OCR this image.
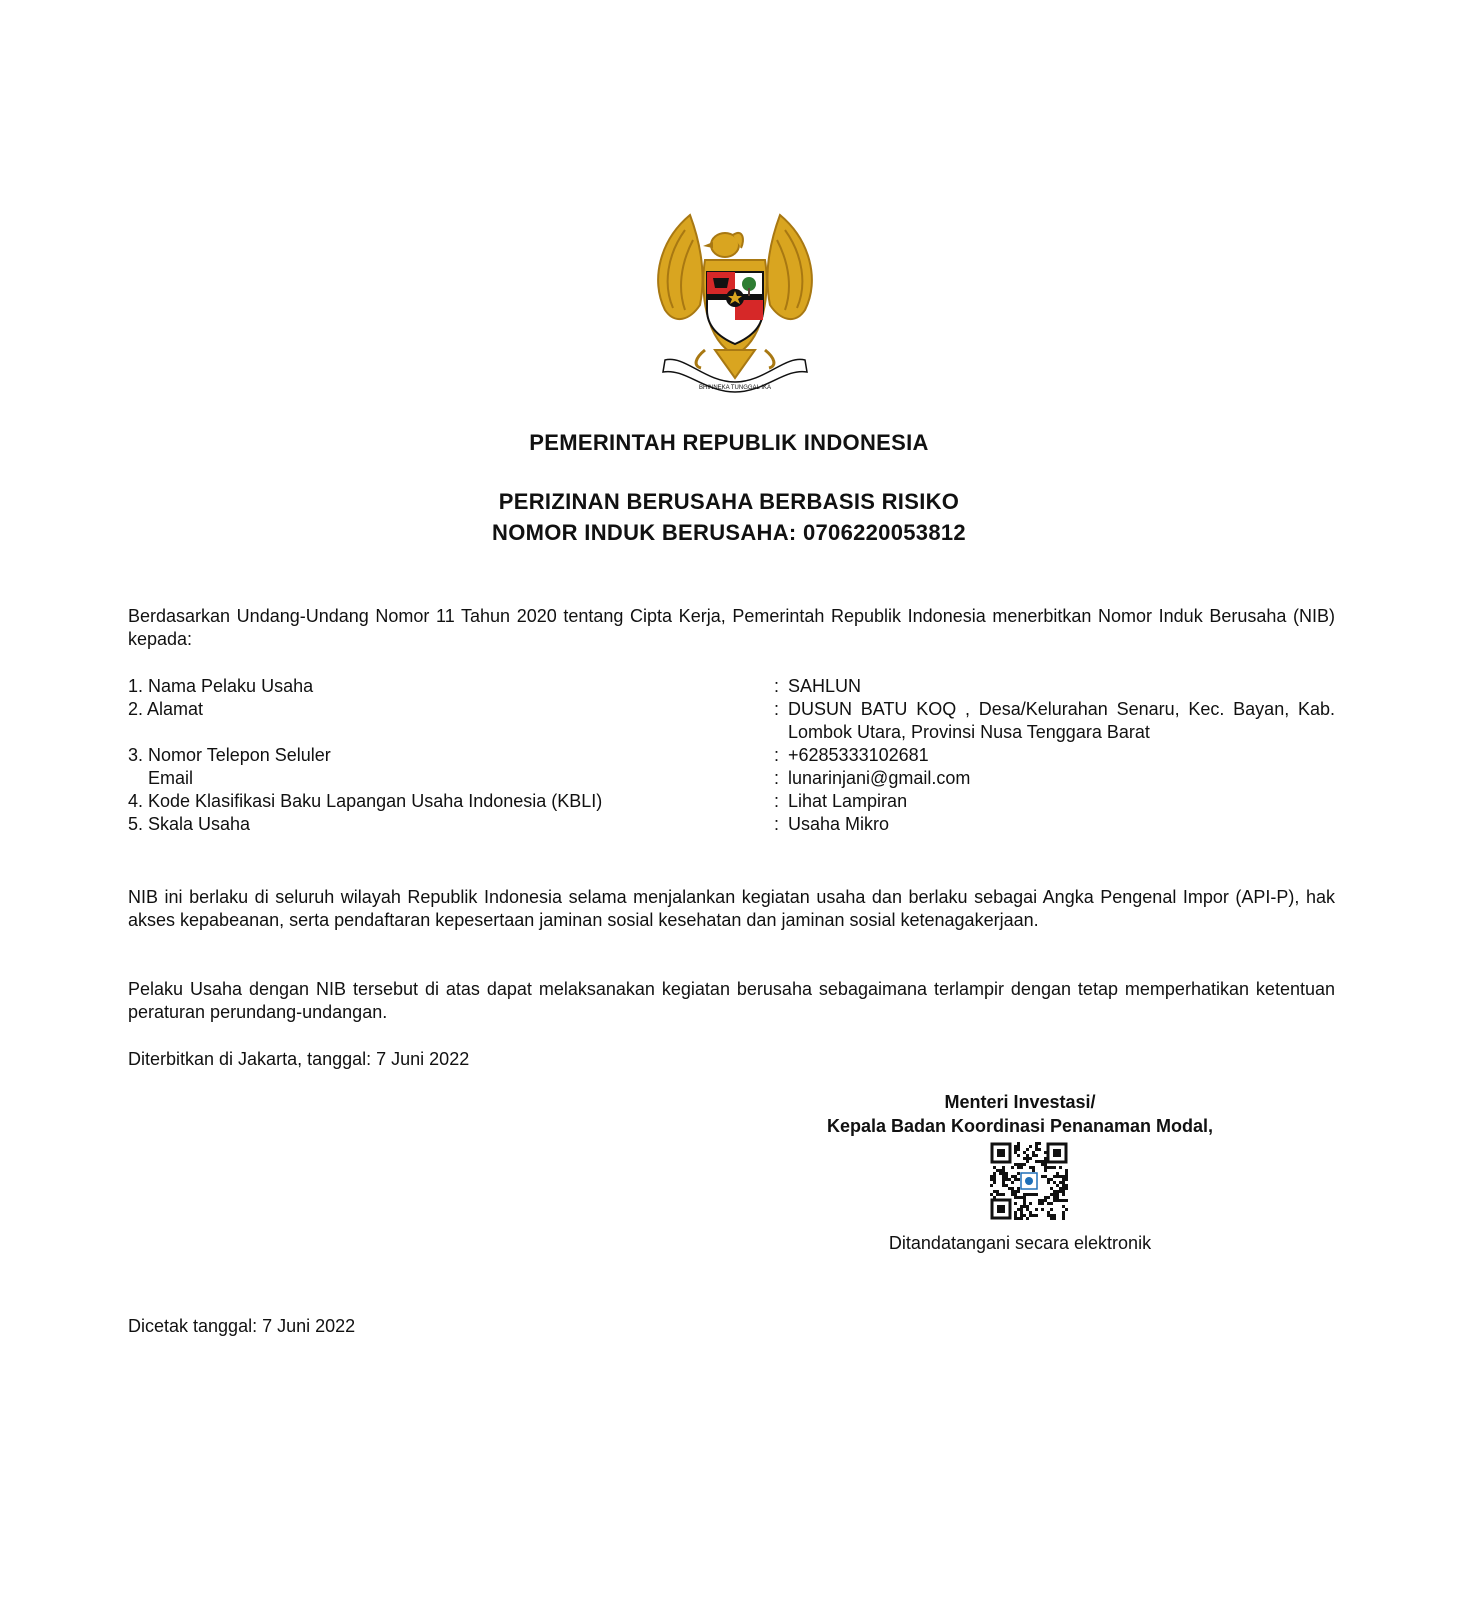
BHINNEKA TUNGGAL IKA
PEMERINTAH REPUBLIK INDONESIA
PERIZINAN BERUSAHA BERBASIS RISIKO
NOMOR INDUK BERUSAHA: 0706220053812
Berdasarkan Undang-Undang Nomor 11 Tahun 2020 tentang Cipta Kerja, Pemerintah Republik Indonesia menerbitkan Nomor Induk Berusaha (NIB) kepada:
1. Nama Pelaku Usaha	: SAHLUN
2. Alamat	: DUSUN BATU KOQ , Desa/Kelurahan Senaru, Kec. Bayan, Kab. Lombok Utara, Provinsi Nusa Tenggara Barat
3. Nomor Telepon Seluler	: +6285333102681
Email	: lunarinjani@gmail.com
4. Kode Klasifikasi Baku Lapangan Usaha Indonesia (KBLI)	: Lihat Lampiran
5. Skala Usaha	: Usaha Mikro
NIB ini berlaku di seluruh wilayah Republik Indonesia selama menjalankan kegiatan usaha dan berlaku sebagai Angka Pengenal Impor (API-P), hak akses kepabeanan, serta pendaftaran kepesertaan jaminan sosial kesehatan dan jaminan sosial ketenagakerjaan.
Pelaku Usaha dengan NIB tersebut di atas dapat melaksanakan kegiatan berusaha sebagaimana terlampir dengan tetap memperhatikan ketentuan peraturan perundang-undangan.
Diterbitkan di Jakarta, tanggal: 7 Juni 2022
Menteri Investasi/
Kepala Badan Koordinasi Penanaman Modal,
Ditandatangani secara elektronik
Dicetak tanggal: 7 Juni 2022
